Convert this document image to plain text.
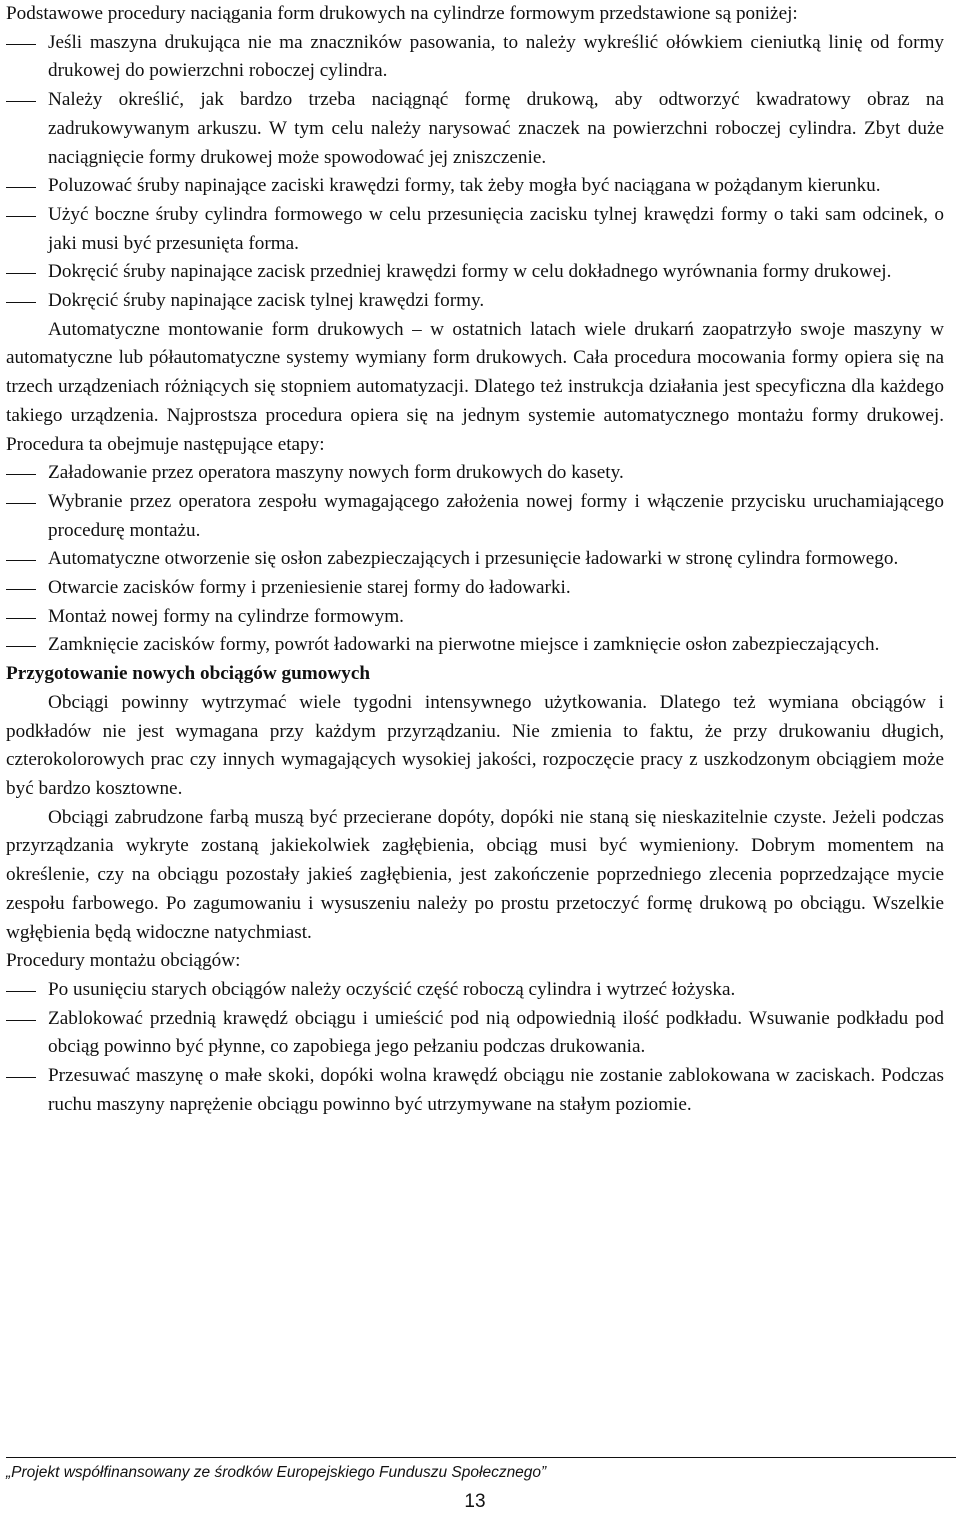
Podstawowe procedury naciągania form drukowych na cylindrze formowym przedstawione są poniżej:

Jeśli maszyna drukująca nie ma znaczników pasowania, to należy wykreślić ołówkiem cieniutką linię od formy drukowej do powierzchni roboczej cylindra.
Należy określić, jak bardzo trzeba naciągnąć formę drukową, aby odtworzyć kwadratowy obraz na zadrukowywanym arkuszu. W tym celu należy narysować znaczek na powierzchni roboczej cylindra. Zbyt duże naciągnięcie formy drukowej może spowodować jej zniszczenie.
Poluzować śruby napinające zaciski krawędzi formy, tak żeby mogła być naciągana w pożądanym kierunku.
Użyć boczne śruby cylindra formowego w celu przesunięcia zacisku tylnej krawędzi formy o taki sam odcinek, o jaki musi być przesunięta forma.
Dokręcić śruby napinające zacisk przedniej krawędzi formy w celu dokładnego wyrównania formy drukowej.
Dokręcić śruby napinające zacisk tylnej krawędzi formy.

Automatyczne montowanie form drukowych – w ostatnich latach wiele drukarń zaopatrzyło swoje maszyny w automatyczne lub półautomatyczne systemy wymiany form drukowych. Cała procedura mocowania formy opiera się na trzech urządzeniach różniących się stopniem automatyzacji. Dlatego też instrukcja działania jest specyficzna dla każdego takiego urządzenia. Najprostsza procedura opiera się na jednym systemie automatycznego montażu formy drukowej. Procedura ta obejmuje następujące etapy:

Załadowanie przez operatora maszyny nowych form drukowych do kasety.
Wybranie przez operatora zespołu wymagającego założenia nowej formy i włączenie przycisku uruchamiającego procedurę montażu.
Automatyczne otworzenie się osłon zabezpieczających i przesunięcie ładowarki w stronę cylindra formowego.
Otwarcie zacisków formy i przeniesienie starej formy do ładowarki.
Montaż nowej formy na cylindrze formowym.
Zamknięcie zacisków formy, powrót ładowarki na pierwotne miejsce i zamknięcie osłon zabezpieczających.

Przygotowanie nowych obciągów gumowych

Obciągi powinny wytrzymać wiele tygodni intensywnego użytkowania. Dlatego też wymiana obciągów i podkładów nie jest wymagana przy każdym przyrządzaniu. Nie zmienia to faktu, że przy drukowaniu długich, czterokolorowych prac czy innych wymagających wysokiej jakości, rozpoczęcie pracy z uszkodzonym obciągiem może być bardzo kosztowne.

Obciągi zabrudzone farbą muszą być przecierane dopóty, dopóki nie staną się nieskazitelnie czyste. Jeżeli podczas przyrządzania wykryte zostaną jakiekolwiek zagłębienia, obciąg musi być wymieniony. Dobrym momentem na określenie, czy na obciągu pozostały jakieś zagłębienia, jest zakończenie poprzedniego zlecenia poprzedzające mycie zespołu farbowego. Po zagumowaniu i wysuszeniu należy po prostu przetoczyć formę drukową po obciągu. Wszelkie wgłębienia będą widoczne natychmiast.

Procedury montażu obciągów:

Po usunięciu starych obciągów należy oczyścić część roboczą cylindra i wytrzeć łożyska.
Zablokować przednią krawędź obciągu i umieścić pod nią odpowiednią ilość podkładu. Wsuwanie podkładu pod obciąg powinno być płynne, co zapobiega jego pełzaniu podczas drukowania.
Przesuwać maszynę o małe skoki, dopóki wolna krawędź obciągu nie zostanie zablokowana w zaciskach. Podczas ruchu maszyny naprężenie obciągu powinno być utrzymywane na stałym poziomie.
„Projekt współfinansowany ze środków Europejskiego Funduszu Społecznego”
13
